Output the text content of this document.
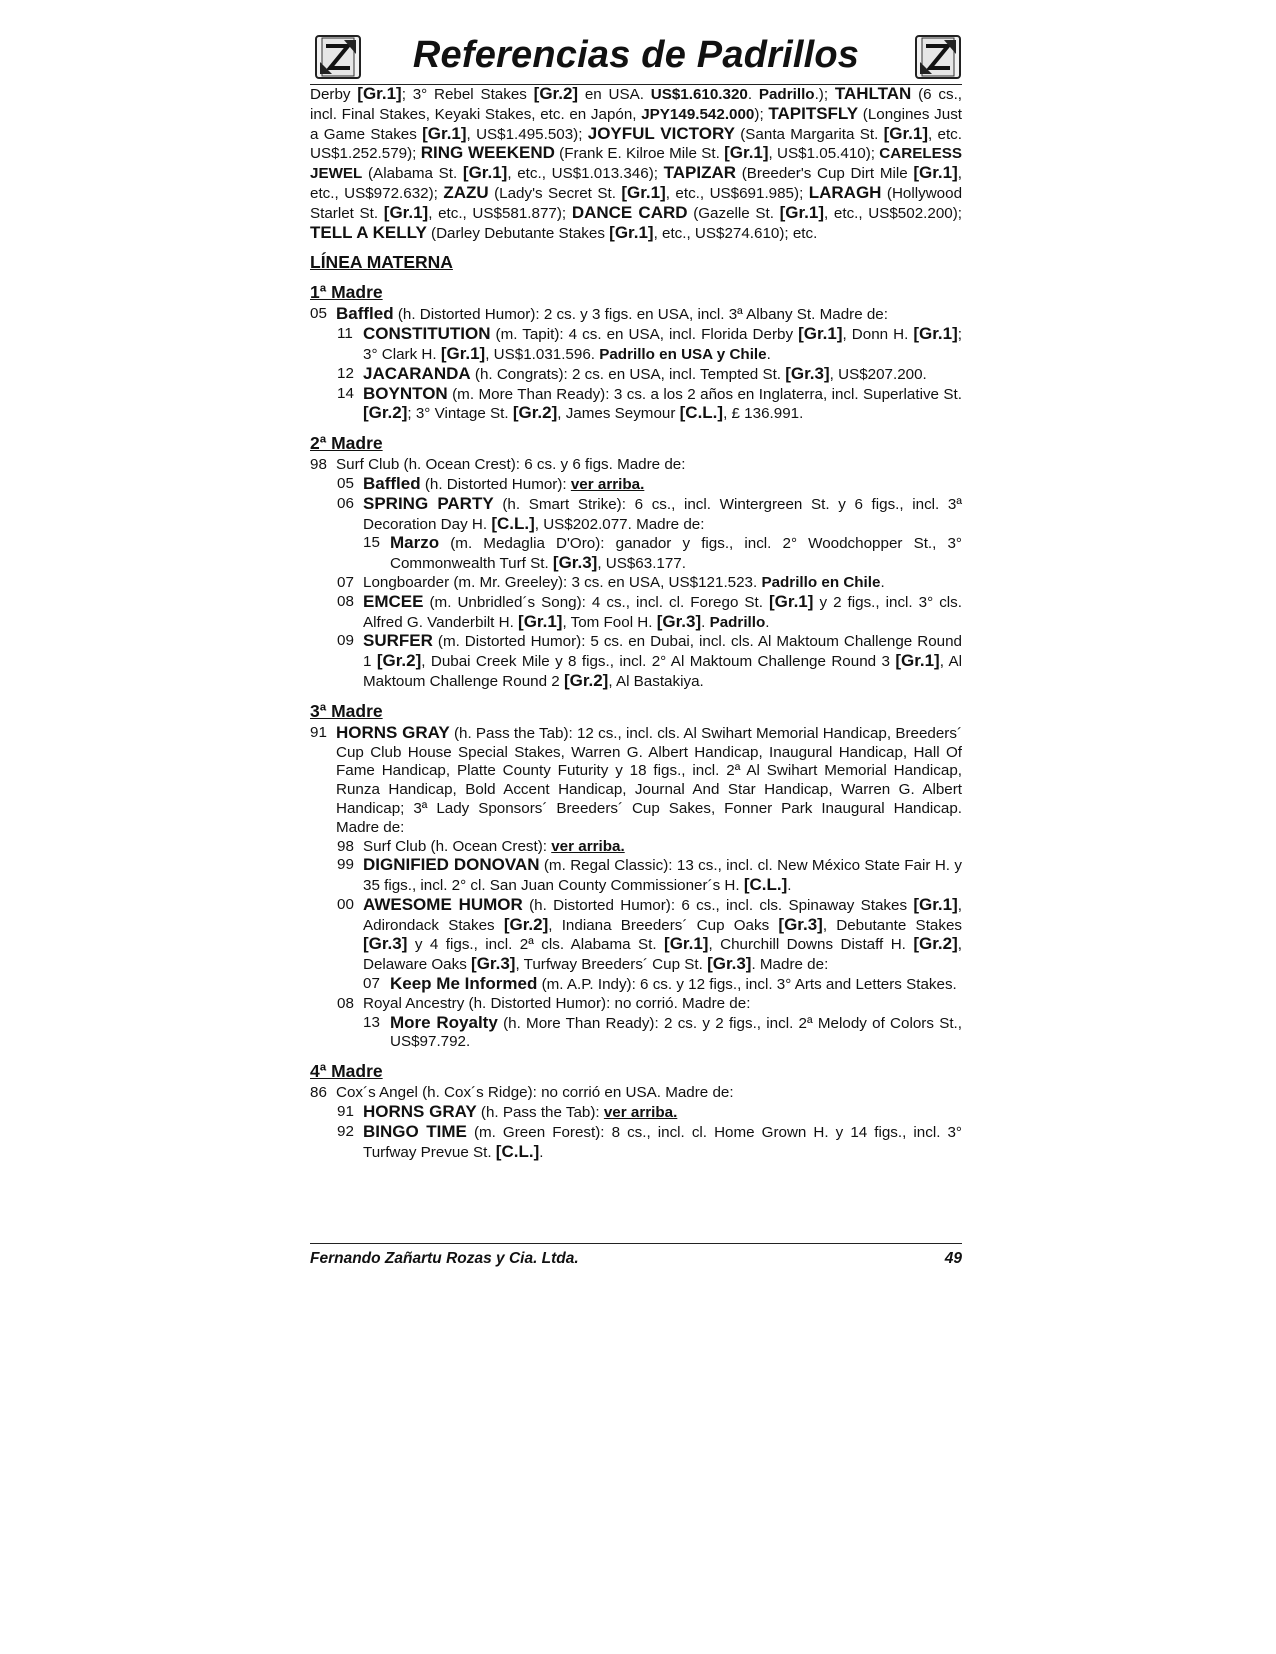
Referencias de Padrillos

Derby [Gr.1]; 3° Rebel Stakes [Gr.2] en USA. US$1.610.320. Padrillo.); TAHLTAN (6 cs., incl. Final Stakes, Keyaki Stakes, etc. en Japón, JPY149.542.000); TAPITSFLY (Longines Just a Game Stakes [Gr.1], US$1.495.503); JOYFUL VICTORY (Santa Margarita St. [Gr.1], etc. US$1.252.579); RING WEEKEND (Frank E. Kilroe Mile St. [Gr.1], US$1.05.410); CARELESS JEWEL (Alabama St. [Gr.1], etc., US$1.013.346); TAPIZAR (Breeder's Cup Dirt Mile [Gr.1], etc., US$972.632); ZAZU (Lady's Secret St. [Gr.1], etc., US$691.985); LARAGH (Hollywood Starlet St. [Gr.1], etc., US$581.877); DANCE CARD (Gazelle St. [Gr.1], etc., US$502.200); TELL A KELLY (Darley Debutante Stakes [Gr.1], etc., US$274.610); etc.

LÍNEA MATERNA
1ª Madre

05 Baffled (h. Distorted Humor): 2 cs. y 3 figs. en USA, incl. 3ª Albany St. Madre de:

11 CONSTITUTION (m. Tapit): 4 cs. en USA, incl. Florida Derby [Gr.1], Donn H. [Gr.1]; 3° Clark H. [Gr.1], US$1.031.596. Padrillo en USA y Chile.

12 JACARANDA (h. Congrats): 2 cs. en USA, incl. Tempted St. [Gr.3], US$207.200.

14 BOYNTON (m. More Than Ready): 3 cs. a los 2 años en Inglaterra, incl. Superlative St. [Gr.2]; 3° Vintage St. [Gr.2], James Seymour [C.L.], £ 136.991.

2ª Madre

98 Surf Club (h. Ocean Crest): 6 cs. y 6 figs. Madre de:

05 Baffled (h. Distorted Humor): ver arriba.

06 SPRING PARTY (h. Smart Strike): 6 cs., incl. Wintergreen St. y 6 figs., incl. 3ª Decoration Day H. [C.L.], US$202.077. Madre de:

15 Marzo (m. Medaglia D'Oro): ganador y figs., incl. 2° Woodchopper St., 3° Commonwealth Turf St. [Gr.3], US$63.177.

07 Longboarder (m. Mr. Greeley): 3 cs. en USA, US$121.523. Padrillo en Chile.

08 EMCEE (m. Unbridled´s Song): 4 cs., incl. cl. Forego St. [Gr.1] y 2 figs., incl. 3° cls. Alfred G. Vanderbilt H. [Gr.1], Tom Fool H. [Gr.3]. Padrillo.

09 SURFER (m. Distorted Humor): 5 cs. en Dubai, incl. cls. Al Maktoum Challenge Round 1 [Gr.2], Dubai Creek Mile y 8 figs., incl. 2° Al Maktoum Challenge Round 3 [Gr.1], Al Maktoum Challenge Round 2 [Gr.2], Al Bastakiya.

3ª Madre

91 HORNS GRAY (h. Pass the Tab): 12 cs., incl. cls. Al Swihart Memorial Handicap, Breeders´ Cup Club House Special Stakes, Warren G. Albert Handicap, Inaugural Handicap, Hall Of Fame Handicap, Platte County Futurity y 18 figs., incl. 2ª Al Swihart Memorial Handicap, Runza Handicap, Bold Accent Handicap, Journal And Star Handicap, Warren G. Albert Handicap; 3ª Lady Sponsors´ Breeders´ Cup Sakes, Fonner Park Inaugural Handicap. Madre de:

98 Surf Club (h. Ocean Crest): ver arriba.

99 DIGNIFIED DONOVAN (m. Regal Classic): 13 cs., incl. cl. New México State Fair H. y 35 figs., incl. 2° cl. San Juan County Commissioner´s H. [C.L.].

00 AWESOME HUMOR (h. Distorted Humor): 6 cs., incl. cls. Spinaway Stakes [Gr.1], Adirondack Stakes [Gr.2], Indiana Breeders´ Cup Oaks [Gr.3], Debutante Stakes [Gr.3] y 4 figs., incl. 2ª cls. Alabama St. [Gr.1], Churchill Downs Distaff H. [Gr.2], Delaware Oaks [Gr.3], Turfway Breeders´ Cup St. [Gr.3]. Madre de:

07 Keep Me Informed (m. A.P. Indy): 6 cs. y 12 figs., incl. 3° Arts and Letters Stakes.

08 Royal Ancestry (h. Distorted Humor): no corrió. Madre de:

13 More Royalty (h. More Than Ready): 2 cs. y 2 figs., incl. 2ª Melody of Colors St., US$97.792.

4ª Madre

86 Cox´s Angel (h. Cox´s Ridge): no corrió en USA. Madre de:

91 HORNS GRAY (h. Pass the Tab): ver arriba.

92 BINGO TIME (m. Green Forest): 8 cs., incl. cl. Home Grown H. y 14 figs., incl. 3° Turfway Prevue St. [C.L.].

Fernando Zañartu Rozas y Cia. Ltda.	49
